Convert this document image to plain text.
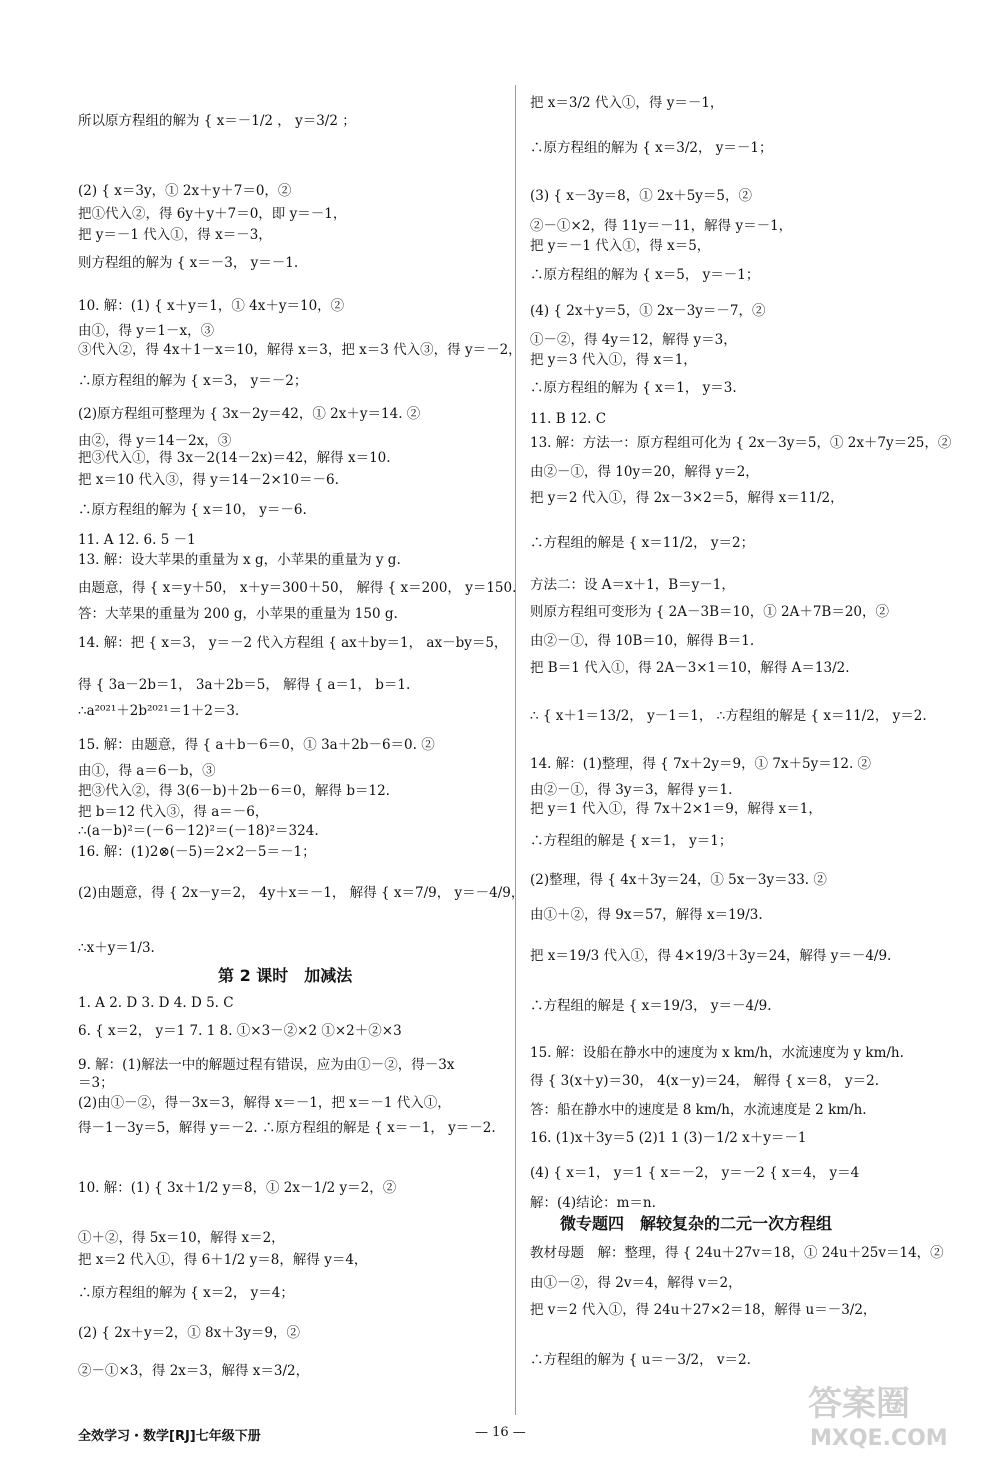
所以原方程组的解为 { x＝－1/2 ， y＝3/2 ；
(2) { x＝3y，① 2x＋y＋7＝0，②
把①代入②，得 6y＋y＋7＝0，即 y＝－1，
把 y＝－1 代入①，得 x＝－3，
则方程组的解为 { x＝－3， y＝－1.
10. 解：(1) { x＋y＝1，① 4x＋y＝10，②
由①，得 y＝1－x，③
③代入②，得 4x＋1－x＝10，解得 x＝3，把 x＝3 代入③，得 y＝－2，
∴原方程组的解为 { x＝3， y＝－2；
(2)原方程组可整理为 { 3x－2y＝42，① 2x＋y＝14. ②
由②，得 y＝14－2x，③
把③代入①，得 3x－2(14－2x)＝42，解得 x＝10.
把 x＝10 代入③，得 y＝14－2×10＝－6.
∴原方程组的解为 { x＝10， y＝－6.
11. A 12. 6. 5 －1
13. 解：设大苹果的重量为 x g，小苹果的重量为 y g.
由题意，得 { x＝y＋50， x＋y＝300＋50， 解得 { x＝200， y＝150.
答：大苹果的重量为 200 g，小苹果的重量为 150 g.
14. 解：把 { x＝3， y＝－2 代入方程组 { ax＋by＝1， ax－by＝5，
得 { 3a－2b＝1， 3a＋2b＝5， 解得 { a＝1， b＝1.
∴a²⁰²¹＋2b²⁰²¹＝1＋2＝3.
15. 解：由题意，得 { a＋b－6＝0，① 3a＋2b－6＝0. ②
由①，得 a＝6－b，③
把③代入②，得 3(6－b)＋2b－6＝0，解得 b＝12.
把 b＝12 代入③，得 a＝－6，
∴(a－b)²＝(－6－12)²＝(－18)²＝324.
16. 解：(1)2⊗(－5)＝2×2－5＝－1；
(2)由题意，得 { 2x－y＝2， 4y＋x＝－1， 解得 { x＝7/9， y＝－4/9，
∴x＋y＝1/3.
1. A 2. D 3. D 4. D 5. C
6. { x＝2， y＝1 7. 1 8. ①×3－②×2 ①×2＋②×3
9. 解：(1)解法一中的解题过程有错误，应为由①－②，得－3x
＝3；
(2)由①－②，得－3x＝3，解得 x＝－1，把 x＝－1 代入①，
得－1－3y＝5，解得 y＝－2. ∴原方程组的解是 { x＝－1， y＝－2.
10. 解：(1) { 3x＋1/2 y＝8，① 2x－1/2 y＝2，②
①＋②，得 5x＝10，解得 x＝2，
把 x＝2 代入①，得 6＋1/2 y＝8，解得 y＝4，
∴原方程组的解为 { x＝2， y＝4；
(2) { 2x＋y＝2，① 8x＋3y＝9，②
②－①×3，得 2x＝3，解得 x＝3/2，
第 2 课时　加减法
把 x＝3/2 代入①，得 y＝－1，
∴原方程组的解为 { x＝3/2， y＝－1；
(3) { x－3y＝8，① 2x＋5y＝5，②
②－①×2，得 11y＝－11，解得 y＝－1，
把 y＝－1 代入①，得 x＝5，
∴原方程组的解为 { x＝5， y＝－1；
(4) { 2x＋y＝5，① 2x－3y＝－7，②
①－②，得 4y＝12，解得 y＝3，
把 y＝3 代入①，得 x＝1，
∴原方程组的解为 { x＝1， y＝3.
11. B 12. C
13. 解：方法一：原方程组可化为 { 2x－3y＝5，① 2x＋7y＝25，②
由②－①，得 10y＝20，解得 y＝2，
把 y＝2 代入①，得 2x－3×2＝5，解得 x＝11/2，
∴方程组的解是 { x＝11/2， y＝2；
方法二：设 A＝x＋1，B＝y－1，
则原方程组可变形为 { 2A－3B＝10，① 2A＋7B＝20，②
由②－①，得 10B＝10，解得 B＝1.
把 B＝1 代入①，得 2A－3×1＝10，解得 A＝13/2.
∴ { x＋1＝13/2， y－1＝1， ∴方程组的解是 { x＝11/2， y＝2.
14. 解：(1)整理，得 { 7x＋2y＝9，① 7x＋5y＝12. ②
由②－①，得 3y＝3，解得 y＝1.
把 y＝1 代入①，得 7x＋2×1＝9，解得 x＝1，
∴方程组的解是 { x＝1， y＝1；
(2)整理，得 { 4x＋3y＝24，① 5x－3y＝33. ②
由①＋②，得 9x＝57，解得 x＝19/3.
把 x＝19/3 代入①，得 4×19/3＋3y＝24，解得 y＝－4/9.
∴方程组的解是 { x＝19/3， y＝－4/9.
15. 解：设船在静水中的速度为 x km/h，水流速度为 y km/h.
得 { 3(x＋y)＝30， 4(x－y)＝24， 解得 { x＝8， y＝2.
答：船在静水中的速度是 8 km/h，水流速度是 2 km/h.
16. (1)x＋3y＝5 (2)1 1 (3)－1/2 x＋y＝－1
(4) { x＝1， y＝1 { x＝－2， y＝－2 { x＝4， y＝4
解：(4)结论：m＝n.
教材母题　解：整理，得 { 24u＋27v＝18，① 24u＋25v＝14，②
由①－②，得 2v＝4，解得 v＝2，
把 v＝2 代入①，得 24u＋27×2＝18，解得 u＝－3/2，
∴方程组的解为 { u＝－3/2， v＝2.
微专题四　解较复杂的二元一次方程组
全效学习・数学[RJ]七年级下册	— 16 —
答案圈
MXQE.COM
